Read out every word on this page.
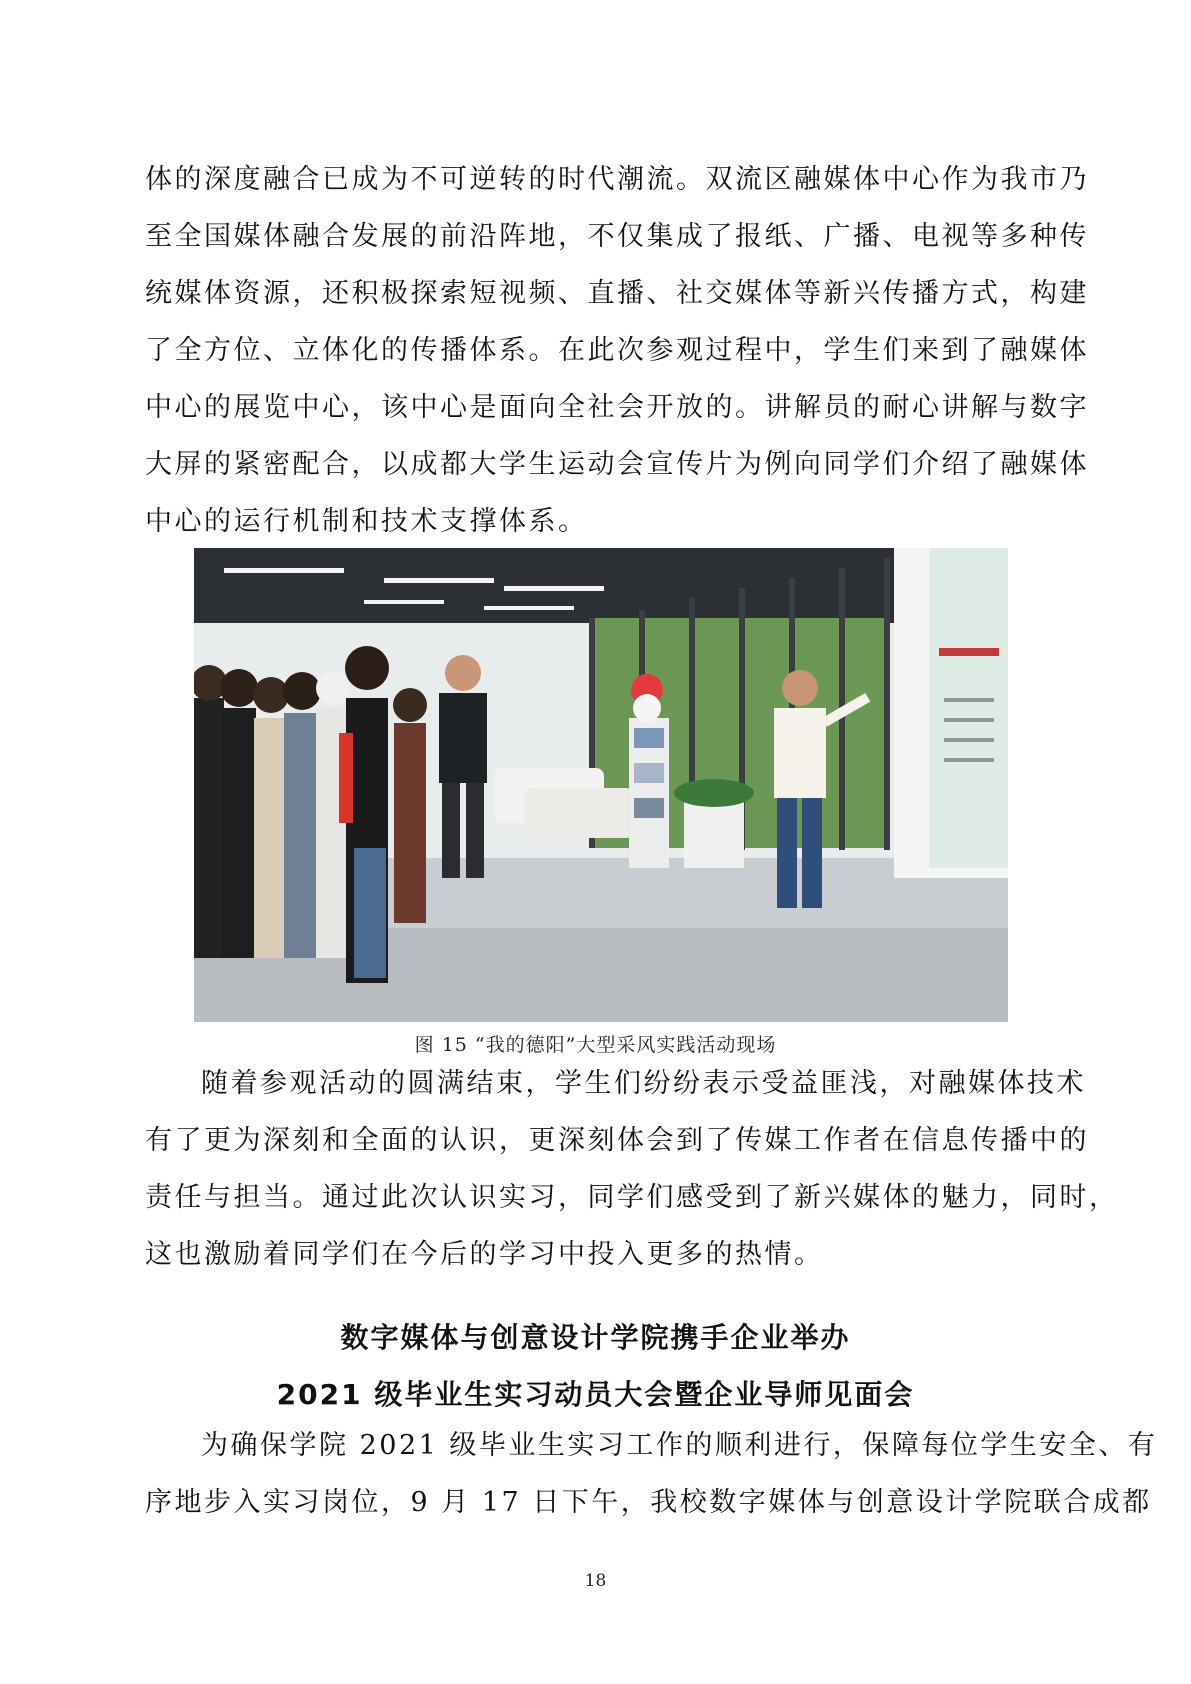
体的深度融合已成为不可逆转的时代潮流。双流区融媒体中心作为我市乃
至全国媒体融合发展的前沿阵地，不仅集成了报纸、广播、电视等多种传
统媒体资源，还积极探索短视频、直播、社交媒体等新兴传播方式，构建
了全方位、立体化的传播体系。在此次参观过程中，学生们来到了融媒体
中心的展览中心，该中心是面向全社会开放的。讲解员的耐心讲解与数字
大屏的紧密配合，以成都大学生运动会宣传片为例向同学们介绍了融媒体
中心的运行机制和技术支撑体系。
图 15 “我的德阳”大型采风实践活动现场
随着参观活动的圆满结束，学生们纷纷表示受益匪浅，对融媒体技术
有了更为深刻和全面的认识，更深刻体会到了传媒工作者在信息传播中的
责任与担当。通过此次认识实习，同学们感受到了新兴媒体的魅力，同时，
这也激励着同学们在今后的学习中投入更多的热情。
数字媒体与创意设计学院携手企业举办
2021 级毕业生实习动员大会暨企业导师见面会
为确保学院 2021 级毕业生实习工作的顺利进行，保障每位学生安全、有
序地步入实习岗位，9 月 17 日下午，我校数字媒体与创意设计学院联合成都
18
